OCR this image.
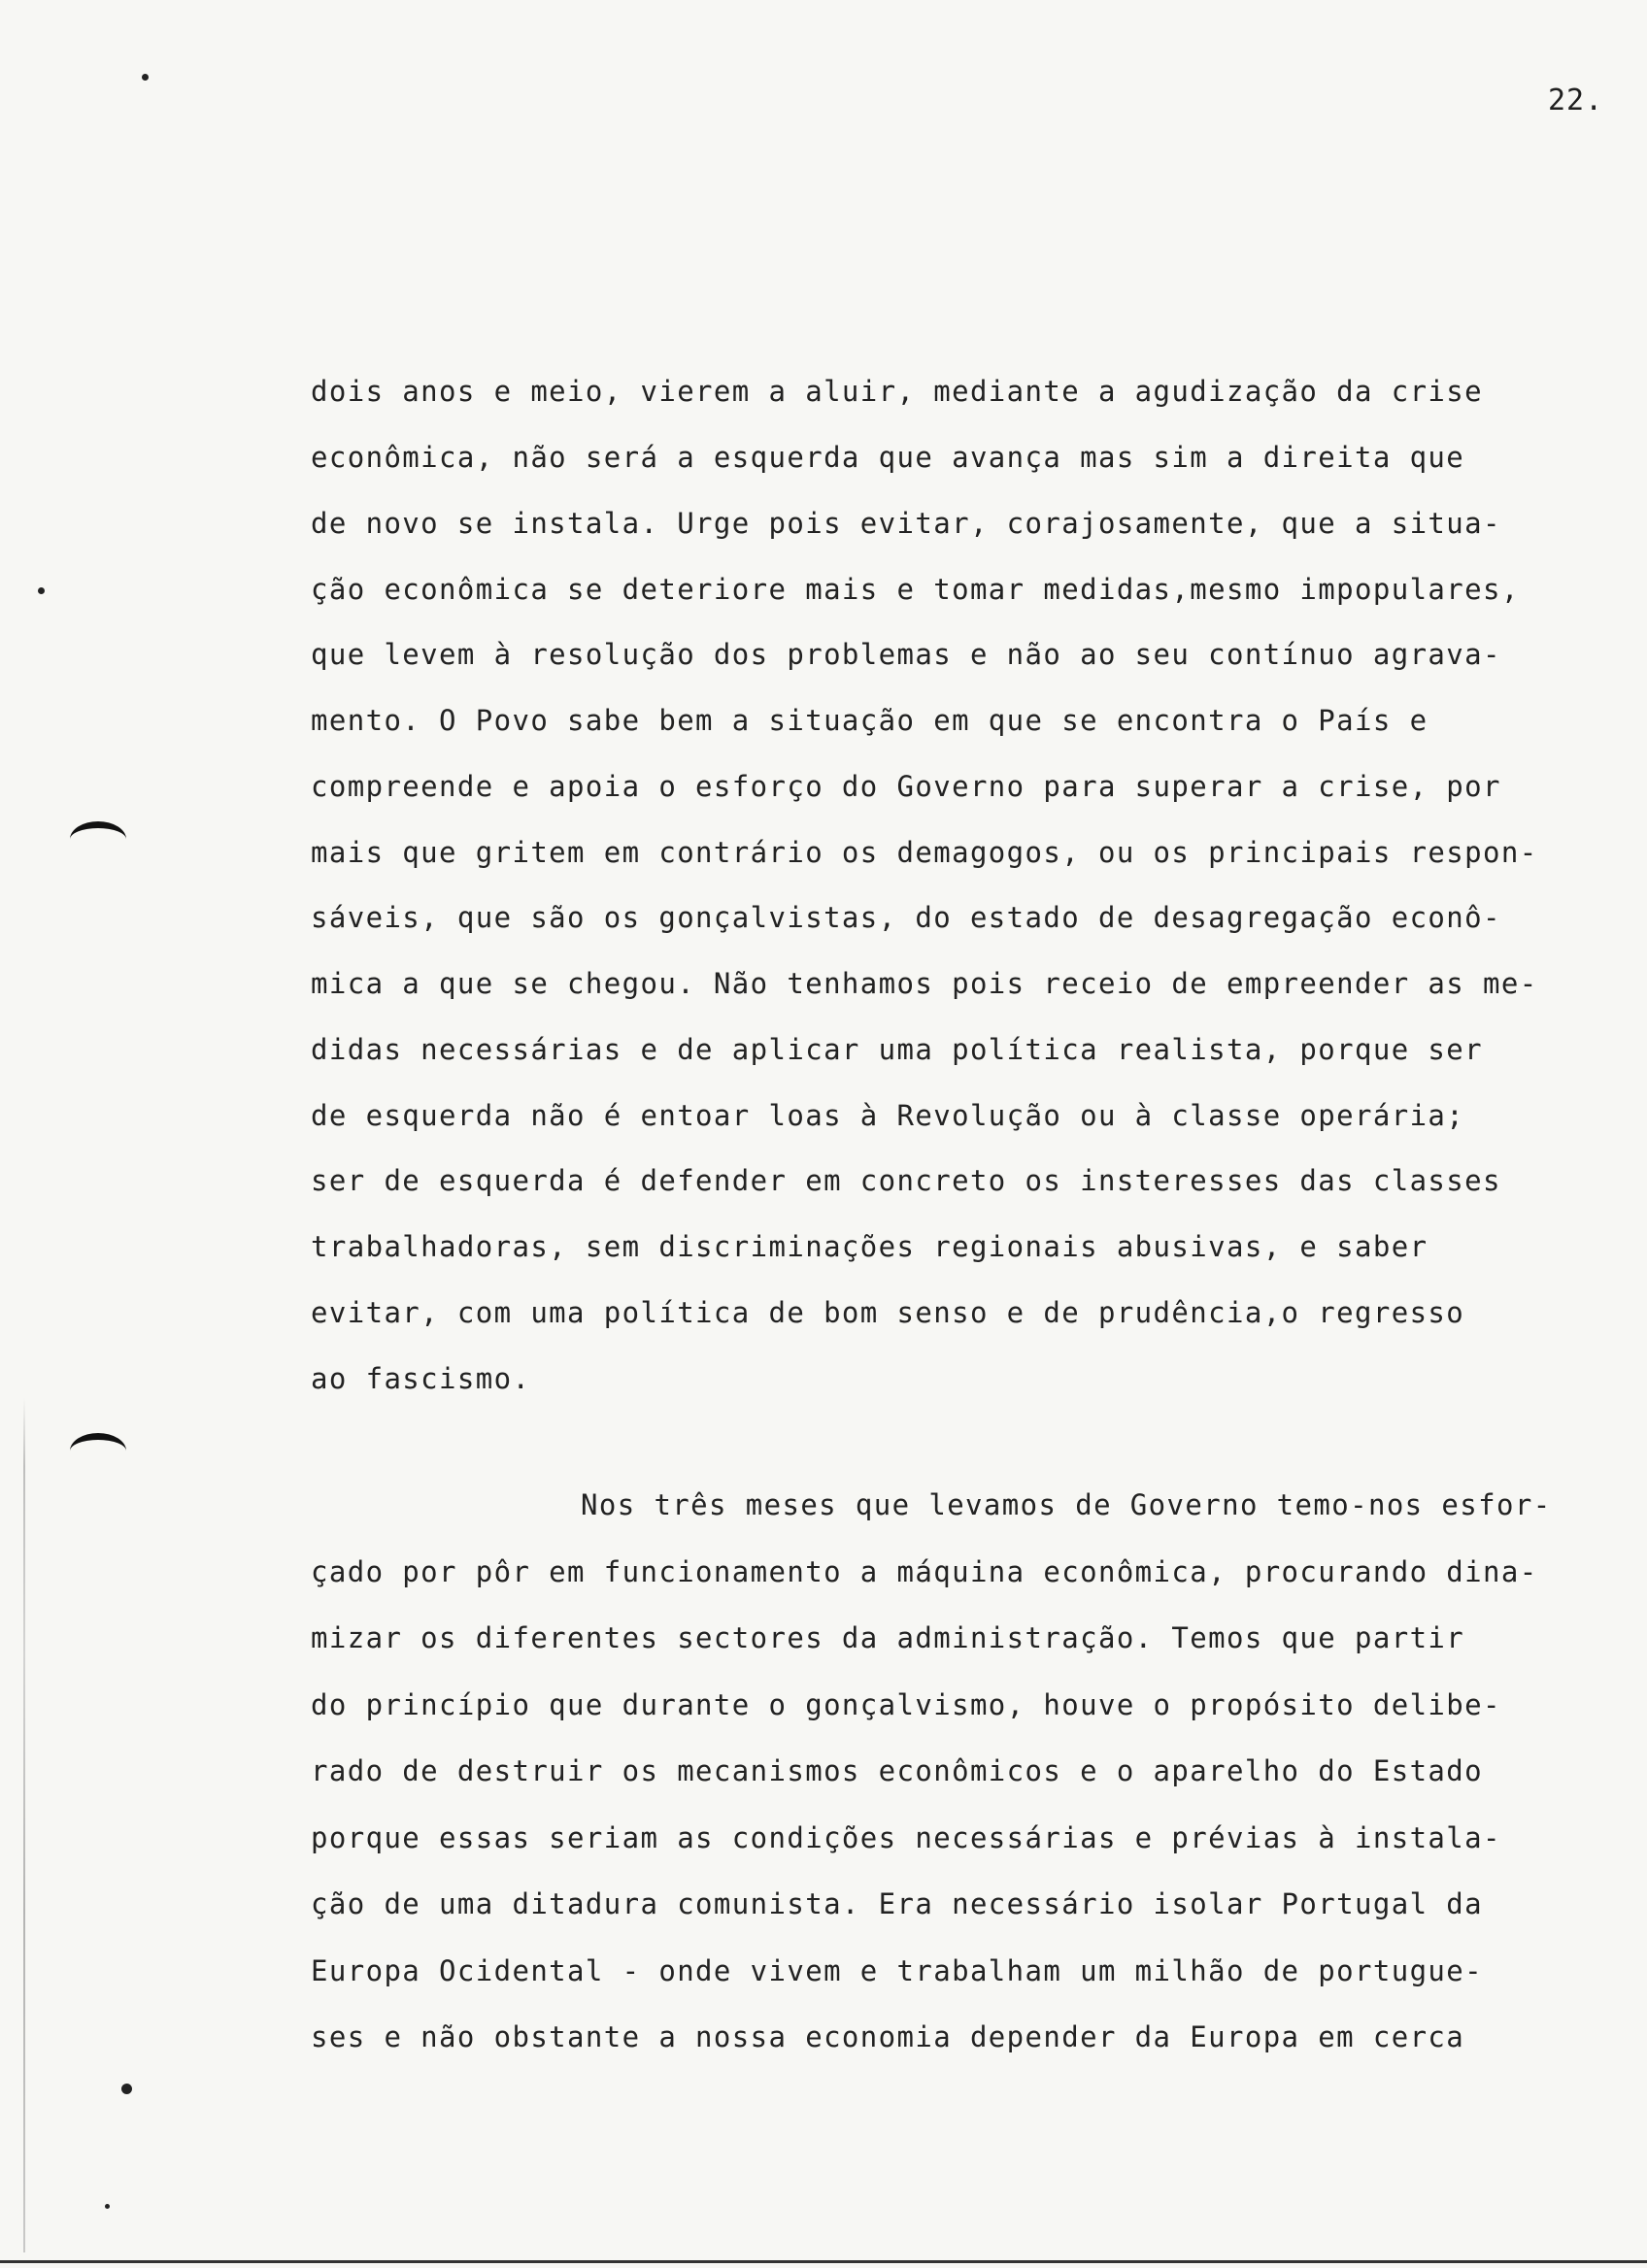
22.
dois anos e meio, vierem a aluir, mediante a agudização da crise
econômica, não será a esquerda que avança mas sim a direita que
de novo se instala. Urge pois evitar, corajosamente, que a situa-
ção econômica se deteriore mais e tomar medidas,mesmo impopulares,
que levem à resolução dos problemas e não ao seu contínuo agrava-
mento. O Povo sabe bem a situação em que se encontra o País e
compreende e apoia o esforço do Governo para superar a crise, por
mais que gritem em contrário os demagogos, ou os principais respon-
sáveis, que são os gonçalvistas, do estado de desagregação econô-
mica a que se chegou. Não tenhamos pois receio de empreender as me-
didas necessárias e de aplicar uma política realista, porque ser
de esquerda não é entoar loas à Revolução ou à classe operária;
ser de esquerda é defender em concreto os insteresses das classes
trabalhadoras, sem discriminações regionais abusivas, e saber
evitar, com uma política de bom senso e de prudência,o regresso
ao fascismo.
Nos três meses que levamos de Governo temo-nos esfor-
çado por pôr em funcionamento a máquina econômica, procurando dina-
mizar os diferentes sectores da administração. Temos que partir
do princípio que durante o gonçalvismo, houve o propósito delibe-
rado de destruir os mecanismos econômicos e o aparelho do Estado
porque essas seriam as condições necessárias e prévias à instala-
ção de uma ditadura comunista. Era necessário isolar Portugal da
Europa Ocidental - onde vivem e trabalham um milhão de portugue-
ses e não obstante a nossa economia depender da Europa em cerca
